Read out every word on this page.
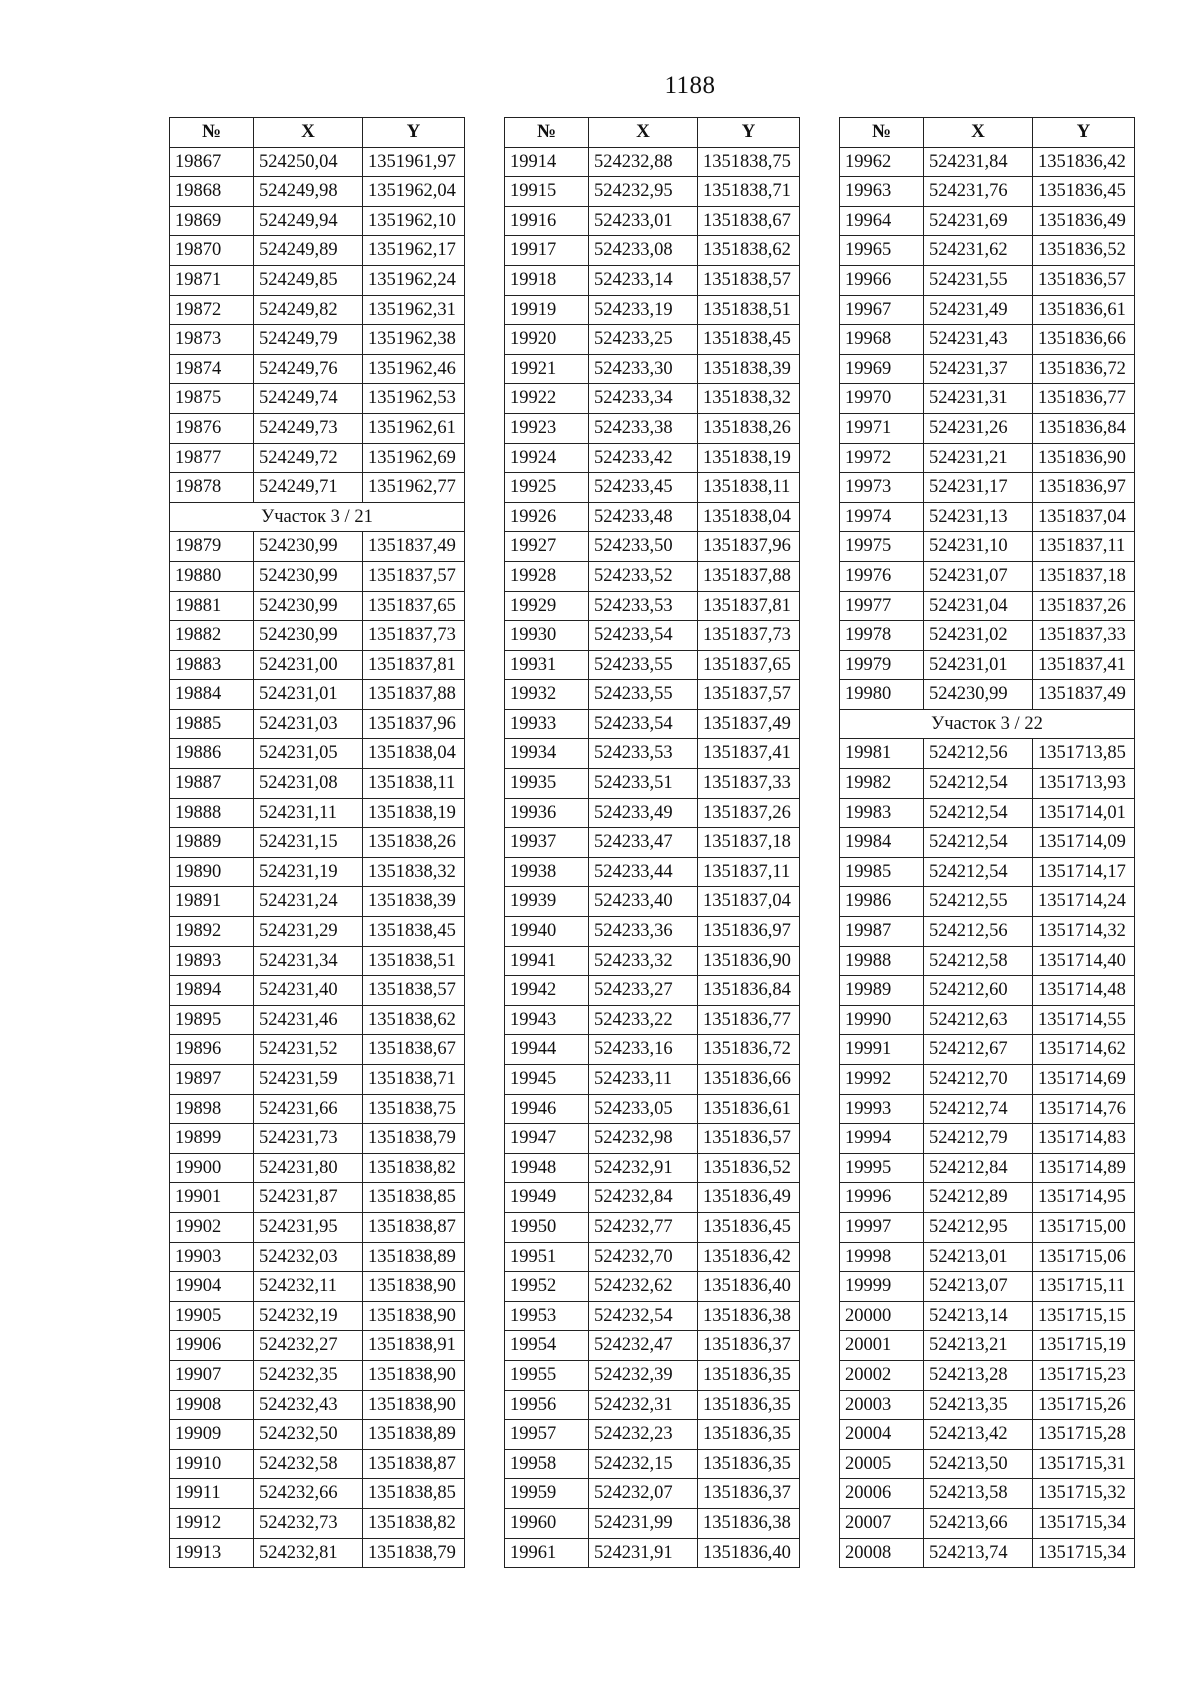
1188
№	X	Y
19867	524250,04	1351961,97
19868	524249,98	1351962,04
19869	524249,94	1351962,10
19870	524249,89	1351962,17
19871	524249,85	1351962,24
19872	524249,82	1351962,31
19873	524249,79	1351962,38
19874	524249,76	1351962,46
19875	524249,74	1351962,53
19876	524249,73	1351962,61
19877	524249,72	1351962,69
19878	524249,71	1351962,77
Участок 3 / 21		
19879	524230,99	1351837,49
19880	524230,99	1351837,57
19881	524230,99	1351837,65
19882	524230,99	1351837,73
19883	524231,00	1351837,81
19884	524231,01	1351837,88
19885	524231,03	1351837,96
19886	524231,05	1351838,04
19887	524231,08	1351838,11
19888	524231,11	1351838,19
19889	524231,15	1351838,26
19890	524231,19	1351838,32
19891	524231,24	1351838,39
19892	524231,29	1351838,45
19893	524231,34	1351838,51
19894	524231,40	1351838,57
19895	524231,46	1351838,62
19896	524231,52	1351838,67
19897	524231,59	1351838,71
19898	524231,66	1351838,75
19899	524231,73	1351838,79
19900	524231,80	1351838,82
19901	524231,87	1351838,85
19902	524231,95	1351838,87
19903	524232,03	1351838,89
19904	524232,11	1351838,90
19905	524232,19	1351838,90
19906	524232,27	1351838,91
19907	524232,35	1351838,90
19908	524232,43	1351838,90
19909	524232,50	1351838,89
19910	524232,58	1351838,87
19911	524232,66	1351838,85
19912	524232,73	1351838,82
19913	524232,81	1351838,79
№	X	Y
19914	524232,88	1351838,75
19915	524232,95	1351838,71
19916	524233,01	1351838,67
19917	524233,08	1351838,62
19918	524233,14	1351838,57
19919	524233,19	1351838,51
19920	524233,25	1351838,45
19921	524233,30	1351838,39
19922	524233,34	1351838,32
19923	524233,38	1351838,26
19924	524233,42	1351838,19
19925	524233,45	1351838,11
19926	524233,48	1351838,04
19927	524233,50	1351837,96
19928	524233,52	1351837,88
19929	524233,53	1351837,81
19930	524233,54	1351837,73
19931	524233,55	1351837,65
19932	524233,55	1351837,57
19933	524233,54	1351837,49
19934	524233,53	1351837,41
19935	524233,51	1351837,33
19936	524233,49	1351837,26
19937	524233,47	1351837,18
19938	524233,44	1351837,11
19939	524233,40	1351837,04
19940	524233,36	1351836,97
19941	524233,32	1351836,90
19942	524233,27	1351836,84
19943	524233,22	1351836,77
19944	524233,16	1351836,72
19945	524233,11	1351836,66
19946	524233,05	1351836,61
19947	524232,98	1351836,57
19948	524232,91	1351836,52
19949	524232,84	1351836,49
19950	524232,77	1351836,45
19951	524232,70	1351836,42
19952	524232,62	1351836,40
19953	524232,54	1351836,38
19954	524232,47	1351836,37
19955	524232,39	1351836,35
19956	524232,31	1351836,35
19957	524232,23	1351836,35
19958	524232,15	1351836,35
19959	524232,07	1351836,37
19960	524231,99	1351836,38
19961	524231,91	1351836,40
№	X	Y
19962	524231,84	1351836,42
19963	524231,76	1351836,45
19964	524231,69	1351836,49
19965	524231,62	1351836,52
19966	524231,55	1351836,57
19967	524231,49	1351836,61
19968	524231,43	1351836,66
19969	524231,37	1351836,72
19970	524231,31	1351836,77
19971	524231,26	1351836,84
19972	524231,21	1351836,90
19973	524231,17	1351836,97
19974	524231,13	1351837,04
19975	524231,10	1351837,11
19976	524231,07	1351837,18
19977	524231,04	1351837,26
19978	524231,02	1351837,33
19979	524231,01	1351837,41
19980	524230,99	1351837,49
Участок 3 / 22		
19981	524212,56	1351713,85
19982	524212,54	1351713,93
19983	524212,54	1351714,01
19984	524212,54	1351714,09
19985	524212,54	1351714,17
19986	524212,55	1351714,24
19987	524212,56	1351714,32
19988	524212,58	1351714,40
19989	524212,60	1351714,48
19990	524212,63	1351714,55
19991	524212,67	1351714,62
19992	524212,70	1351714,69
19993	524212,74	1351714,76
19994	524212,79	1351714,83
19995	524212,84	1351714,89
19996	524212,89	1351714,95
19997	524212,95	1351715,00
19998	524213,01	1351715,06
19999	524213,07	1351715,11
20000	524213,14	1351715,15
20001	524213,21	1351715,19
20002	524213,28	1351715,23
20003	524213,35	1351715,26
20004	524213,42	1351715,28
20005	524213,50	1351715,31
20006	524213,58	1351715,32
20007	524213,66	1351715,34
20008	524213,74	1351715,34
